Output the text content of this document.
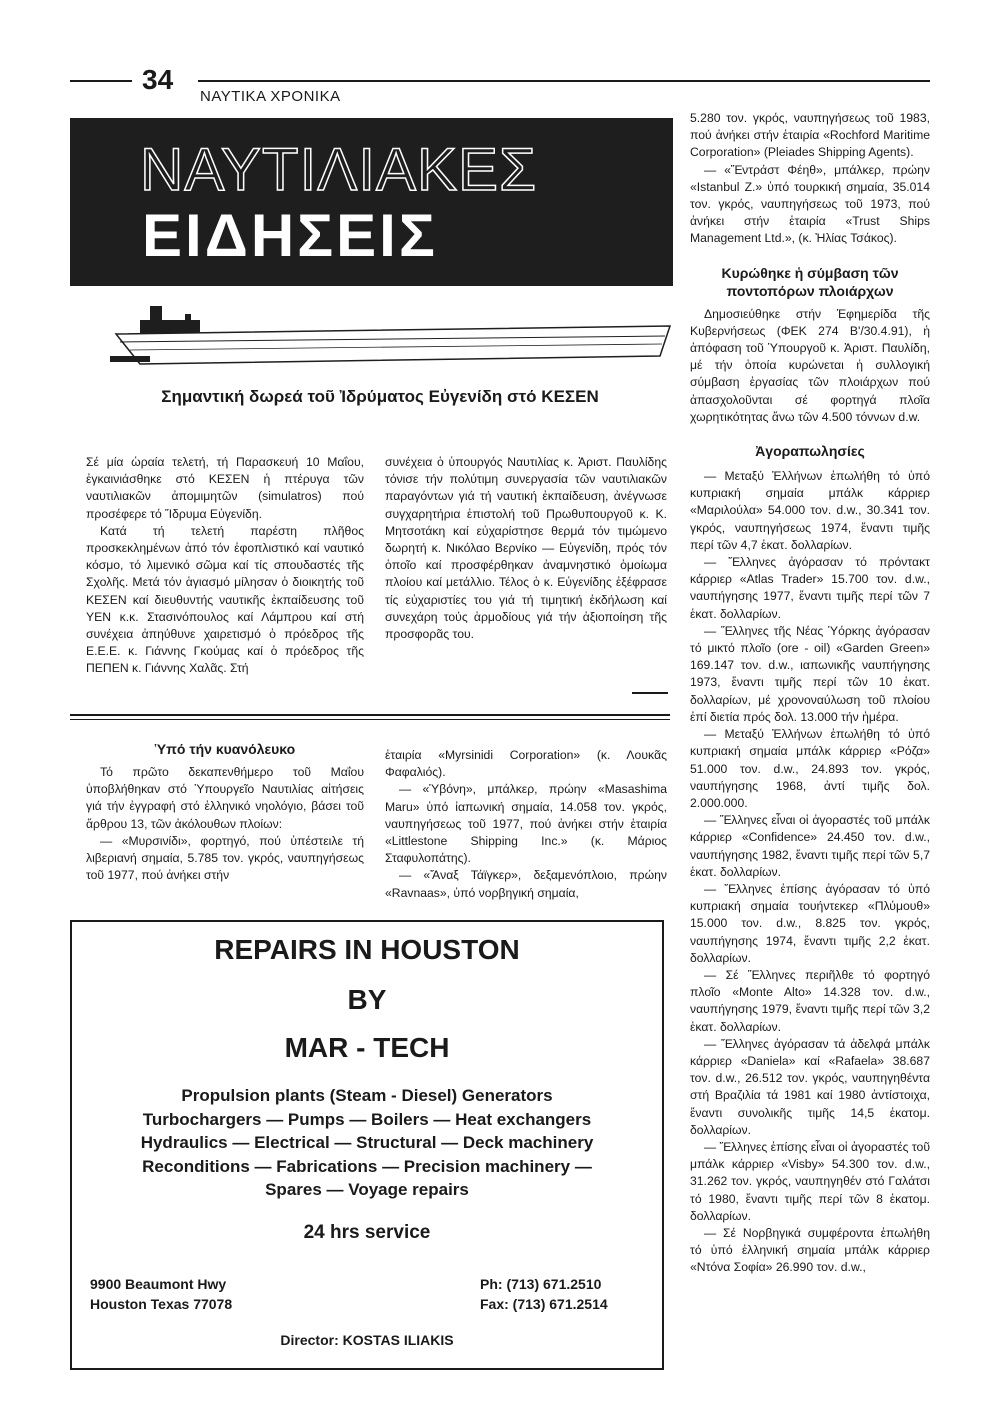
34
ΝΑΥΤΙΚΑ ΧΡΟΝΙΚΑ
ΝΑΥΤΙΛΙΑΚΕΣ
ΕΙΔΗΣΕΙΣ
Σημαντική δωρεά τοῦ Ἰδρύματος Εὐγενίδη στό ΚΕΣΕΝ

Σέ μία ὡραία τελετή, τή Παρασκευή 10 Μαΐου, ἐγκαινιάσθηκε στό ΚΕΣΕΝ ἡ πτέρυγα τῶν ναυτιλιακῶν ἀπομιμητῶν (simulatros) πού προσέφερε τό Ἵδρυμα Εὐγενίδη.

Κατά τή τελετή παρέστη πλῆθος προσκεκλημένων ἀπό τόν ἐφοπλιστικό καί ναυτικό κόσμο, τό λιμενικό σῶμα καί τίς σπουδαστές τῆς Σχολῆς. Μετά τόν ἁγιασμό μίλησαν ὁ διοικητής τοῦ ΚΕΣΕΝ καί διευθυντής ναυτικῆς ἐκπαίδευσης τοῦ ΥΕΝ κ.κ. Στασινόπουλος καί Λάμπρου καί στή συνέχεια ἀπηύθυνε χαιρετισμό ὁ πρόεδρος τῆς Ε.Ε.Ε. κ. Γιάννης Γκούμας καί ὁ πρόεδρος τῆς ΠΕΠΕΝ κ. Γιάννης Χαλᾶς. Στή

συνέχεια ὁ ὑπουργός Ναυτιλίας κ. Ἀριστ. Παυλίδης τόνισε τήν πολύτιμη συνεργασία τῶν ναυτιλιακῶν παραγόντων γιά τή ναυτική ἐκπαίδευση, ἀνέγνωσε συγχαρητήρια ἐπιστολή τοῦ Πρωθυπουργοῦ κ. Κ. Μητσοτάκη καί εὐχαρίστησε θερμά τόν τιμώμενο δωρητή κ. Νικόλαο Βερνίκο — Εὐγενίδη, πρός τόν ὁποῖο καί προσφέρθηκαν ἀναμνηστικό ὁμοίωμα πλοίου καί μετάλλιο. Τέλος ὁ κ. Εὐγενίδης ἐξέφρασε τίς εὐχαριστίες του γιά τή τιμητική ἐκδήλωση καί συνεχάρη τούς ἁρμοδίους γιά τήν ἀξιοποίηση τῆς προσφορᾶς του.

Ὑπό τήν κυανόλευκο

Τό πρῶτο δεκαπενθήμερο τοῦ Μαΐου ὑποβλήθηκαν στό Ὑπουργεῖο Ναυτιλίας αἰτήσεις γιά τήν ἐγγραφή στό ἑλληνικό νηολόγιο, βάσει τοῦ ἄρθρου 13, τῶν ἀκόλουθων πλοίων:

— «Μυρσινίδι», φορτηγό, πού ὑπέστειλε τή λιβεριανή σημαία, 5.785 τον. γκρός, ναυπηγήσεως τοῦ 1977, πού ἀνήκει στήν

ἑταιρία «Myrsinidi Corporation» (κ. Λουκᾶς Φαφαλιός).

— «Ὑβόνη», μπάλκερ, πρώην «Masashima Maru» ὑπό ἰαπωνική σημαία, 14.058 τον. γκρός, ναυπηγήσεως τοῦ 1977, πού ἀνήκει στήν ἑταιρία «Littlestone Shipping Inc.» (κ. Μάριος Σταφυλοπάτης).

— «Ἄναξ Τάϊγκερ», δεξαμενόπλοιο, πρώην «Ravnaas», ὑπό νορβηγική σημαία,

REPAIRS IN HOUSTON
BY
MAR - TECH
Propulsion plants (Steam - Diesel) Generators
Turbochargers — Pumps — Boilers — Heat exchangers
Hydraulics — Electrical — Structural — Deck machinery
Reconditions — Fabrications — Precision machinery —
Spares — Voyage repairs
24 hrs service
9900 Beaumont Hwy
Houston Texas 77078
Ph: (713) 671.2510
Fax: (713) 671.2514
Director: KOSTAS ILIAKIS

5.280 τον. γκρός, ναυπηγήσεως τοῦ 1983, πού ἀνήκει στήν ἑταιρία «Rochford Maritime Corporation» (Pleiades Shipping Agents).

— «Ἔντράστ Φέηθ», μπάλκερ, πρώην «Istanbul Z.» ὑπό τουρκική σημαία, 35.014 τον. γκρός, ναυπηγήσεως τοῦ 1973, πού ἀνήκει στήν ἑταιρία «Trust Ships Management Ltd.», (κ. Ἠλίας Τσάκος).

Κυρώθηκε ἡ σύμβαση τῶν ποντοπόρων πλοιάρχων

Δημοσιεύθηκε στήν Ἐφημερίδα τῆς Κυβερνήσεως (ΦΕΚ 274 Β'/30.4.91), ἡ ἀπόφαση τοῦ Ὑπουργοῦ κ. Ἀριστ. Παυλίδη, μέ τήν ὁποία κυρώνεται ἡ συλλογική σύμβαση ἐργασίας τῶν πλοιάρχων πού ἀπασχολοῦνται σέ φορτηγά πλοῖα χωρητικότητας ἄνω τῶν 4.500 τόννων d.w.

Ἀγοραπωλησίες

— Μεταξύ Ἑλλήνων ἐπωλήθη τό ὑπό κυπριακή σημαία μπάλκ κάρριερ «Μαριλούλα» 54.000 τον. d.w., 30.341 τον. γκρός, ναυπηγήσεως 1974, ἔναντι τιμῆς περί τῶν 4,7 ἑκατ. δολλαρίων.

— Ἕλληνες ἀγόρασαν τό πρόντακτ κάρριερ «Atlas Trader» 15.700 τον. d.w., ναυπήγησης 1977, ἔναντι τιμῆς περί τῶν 7 ἑκατ. δολλαρίων.

— Ἕλληνες τῆς Νέας Ὑόρκης ἀγόρασαν τό μικτό πλοῖο (ore - oil) «Garden Green» 169.147 τον. d.w., ιαπωνικῆς ναυπήγησης 1973, ἔναντι τιμῆς περί τῶν 10 ἑκατ. δολλαρίων, μέ χρονοναύλωση τοῦ πλοίου ἐπί διετία πρός δολ. 13.000 τήν ἡμέρα.

— Μεταξύ Ἑλλήνων ἐπωλήθη τό ὑπό κυπριακή σημαία μπάλκ κάρριερ «Ρόζα» 51.000 τον. d.w., 24.893 τον. γκρός, ναυπήγησης 1968, ἀντί τιμῆς δολ. 2.000.000.

— Ἕλληνες εἶναι οἱ ἀγοραστές τοῦ μπάλκ κάρριερ «Confidence» 24.450 τον. d.w., ναυπήγησης 1982, ἔναντι τιμῆς περί τῶν 5,7 ἑκατ. δολλαρίων.

— Ἕλληνες ἐπίσης ἀγόρασαν τό ὑπό κυπριακή σημαία τουήντεκερ «Πλύμουθ» 15.000 τον. d.w., 8.825 τον. γκρός, ναυπήγησης 1974, ἔναντι τιμῆς 2,2 ἑκατ. δολλαρίων.

— Σέ Ἕλληνες περιῆλθε τό φορτηγό πλοῖο «Monte Alto» 14.328 τον. d.w., ναυπήγησης 1979, ἔναντι τιμῆς περί τῶν 3,2 ἑκατ. δολλαρίων.

— Ἕλληνες ἀγόρασαν τά ἀδελφά μπάλκ κάρριερ «Daniela» καί «Rafaela» 38.687 τον. d.w., 26.512 τον. γκρός, ναυπηγηθέντα στή Βραζιλία τά 1981 καί 1980 ἀντίστοιχα, ἔναντι συνολικῆς τιμῆς 14,5 ἑκατομ. δολλαρίων.

— Ἕλληνες ἐπίσης εἶναι οἱ ἀγοραστές τοῦ μπάλκ κάρριερ «Visby» 54.300 τον. d.w., 31.262 τον. γκρός, ναυπηγηθέν στό Γαλάτσι τό 1980, ἔναντι τιμῆς περί τῶν 8 ἑκατομ. δολλαρίων.

— Σέ Νορβηγικά συμφέροντα ἐπωλήθη τό ὑπό ἑλληνική σημαία μπάλκ κάρριερ «Ντόνα Σοφία» 26.990 τον. d.w.,
